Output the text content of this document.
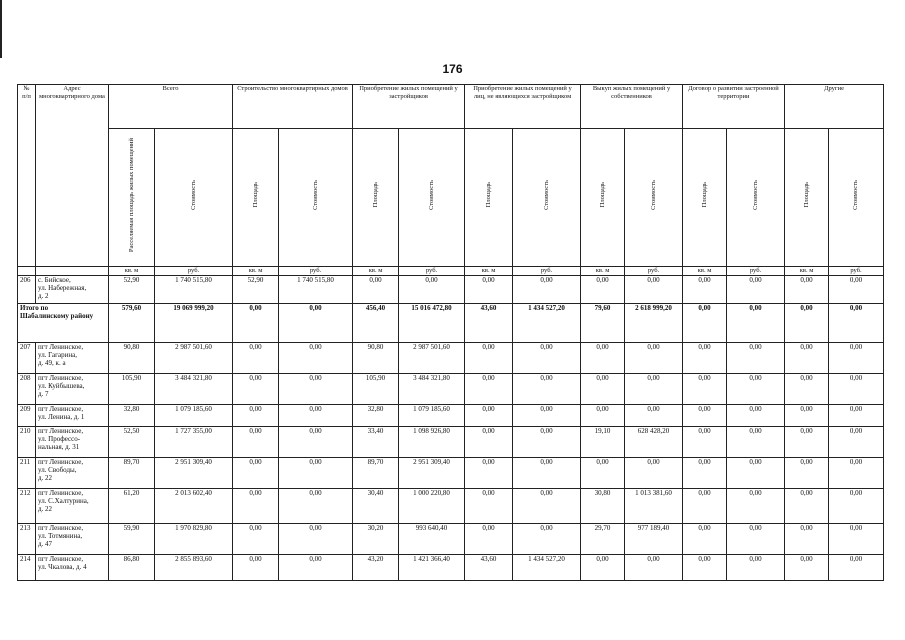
176
№
п/п	Адрес многоквартирного дома	Всего		Строительство многоквартирных домов		Приобретение жилых помещений у застройщиков		Приобретение жилых помещений у лиц, не являющихся застройщиком		Выкуп жилых помещений у собственников		Договор о развитии застроенной территории		Другие	
		Расселяемая площадь жилых помещений	Стоимость	Площадь	Стоимость	Площадь	Стоимость	Площадь	Стоимость	Площадь	Стоимость	Площадь	Стоимость	Площадь	Стоимость
		кв. м	руб.	кв. м	руб.	кв. м	руб.	кв. м	руб.	кв. м	руб.	кв. м	руб.	кв. м	руб.
206	с. Бийское,
ул. Набережная,
д. 2	52,90	1 740 515,80	52,90	1 740 515,80	0,00	0,00	0,00	0,00	0,00	0,00	0,00	0,00	0,00	0,00
Итого по
Шабалинскому району		579,60	19 069 999,20	0,00	0,00	456,40	15 016 472,80	43,60	1 434 527,20	79,60	2 618 999,20	0,00	0,00	0,00	0,00
207	пгт Ленинское,
ул. Гагарина,
д. 49, к. а	90,80	2 987 501,60	0,00	0,00	90,80	2 987 501,60	0,00	0,00	0,00	0,00	0,00	0,00	0,00	0,00
208	пгт Ленинское,
ул. Куйбышева,
д. 7	105,90	3 484 321,80	0,00	0,00	105,90	3 484 321,80	0,00	0,00	0,00	0,00	0,00	0,00	0,00	0,00
209	пгт Ленинское,
ул. Ленина, д. 1	32,80	1 079 185,60	0,00	0,00	32,80	1 079 185,60	0,00	0,00	0,00	0,00	0,00	0,00	0,00	0,00
210	пгт Ленинское,
ул. Профессо-
нальная, д. 31	52,50	1 727 355,00	0,00	0,00	33,40	1 098 926,80	0,00	0,00	19,10	628 428,20	0,00	0,00	0,00	0,00
211	пгт Ленинское,
ул. Свободы,
д. 22	89,70	2 951 309,40	0,00	0,00	89,70	2 951 309,40	0,00	0,00	0,00	0,00	0,00	0,00	0,00	0,00
212	пгт Ленинское,
ул. С.Халтурина,
д. 22	61,20	2 013 602,40	0,00	0,00	30,40	1 000 220,80	0,00	0,00	30,80	1 013 381,60	0,00	0,00	0,00	0,00
213	пгт Ленинское,
ул. Тотмянина,
д. 47	59,90	1 970 829,80	0,00	0,00	30,20	993 640,40	0,00	0,00	29,70	977 189,40	0,00	0,00	0,00	0,00
214	пгт Ленинское,
ул. Чкалова, д. 4	86,80	2 855 893,60	0,00	0,00	43,20	1 421 366,40	43,60	1 434 527,20	0,00	0,00	0,00	0,00	0,00	0,00
